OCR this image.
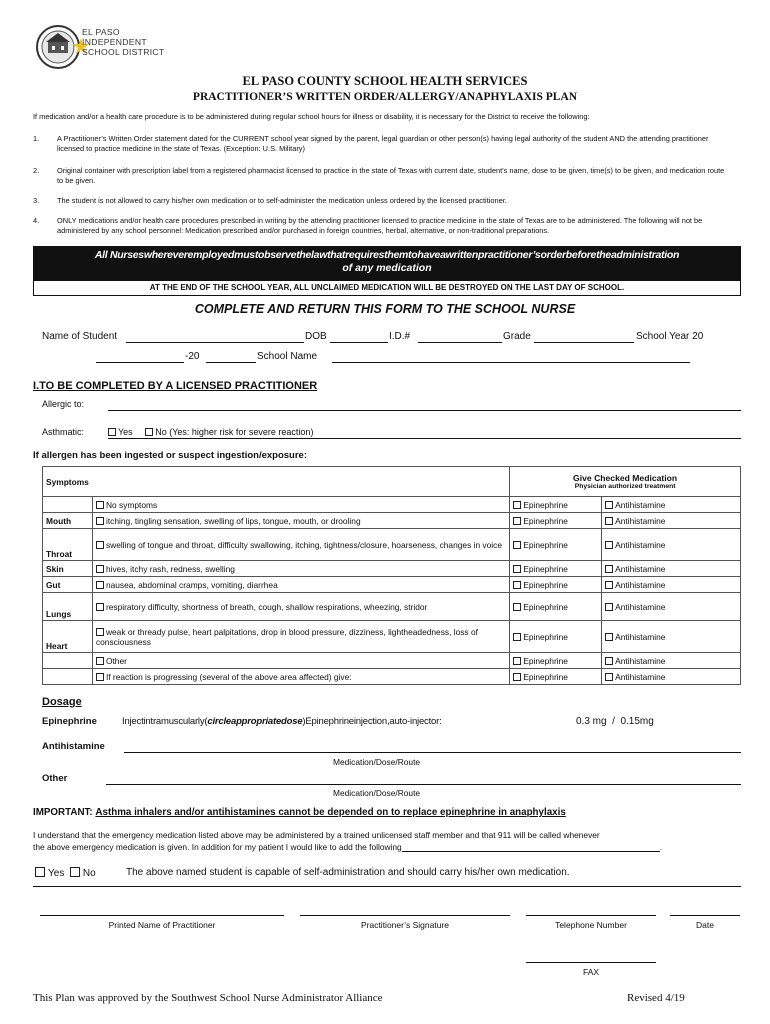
EL PASO
INDEPENDENT
SCHOOL DISTRICT
EL PASO COUNTY SCHOOL HEALTH SERVICES
PRACTITIONER’S WRITTEN ORDER/ALLERGY/ANAPHYLAXIS PLAN
If medication and/or a health care procedure is to be administered during regular school hours for illness or disability, it is necessary for the District to receive the following:
1. A Practitioner’s Written Order statement dated for the CURRENT school year signed by the parent, legal guardian or other person(s) having legal authority of the student AND the attending practitioner licensed to practice medicine in the state of Texas. (Exception: U.S. Military)
2. Original container with prescription label from a registered pharmacist licensed to practice in the state of Texas with current date, student’s name, dose to be given, time(s) to be given, and medication route to be given.
3. The student is not allowed to carry his/her own medication or to self-administer the medication unless ordered by the licensed practitioner.
4. ONLY medications and/or health care procedures prescribed in writing by the attending practitioner licensed to practice medicine in the state of Texas are to be administered. The following will not be administered by any school personnel: Medication prescribed and/or purchased in foreign countries, herbal, alternative, or non-traditional preparations.
All Nurseswhereveremployedmustobservethelawthatrequiresthemtohaveawrittenpractitioner’sorderbeforetheadministration
of any medication
AT THE END OF THE SCHOOL YEAR, ALL UNCLAIMED MEDICATION WILL BE DESTROYED ON THE LAST DAY OF SCHOOL.
COMPLETE AND RETURN THIS FORM TO THE SCHOOL NURSE
Name of Student	DOB	I.D.#	Grade	School Year 20
-20	School Name
I.TO BE COMPLETED BY A LICENSED PRACTITIONER
Allergic to:
Asthmatic:	Yes	No (Yes: higher risk for severe reaction)
If allergen has been ingested or suspect ingestion/exposure:
Symptoms		Give Checked Medication
Physician authorized treatment	

	No symptoms	Epinephrine	Antihistamine
Mouth	itching, tingling sensation, swelling of lips, tongue, mouth, or drooling	Epinephrine	Antihistamine
Throat	swelling of tongue and throat, difficulty swallowing, itching, tightness/closure, hoarseness, changes in voice	Epinephrine	Antihistamine
Skin	hives, itchy rash, redness, swelling	Epinephrine	Antihistamine
Gut	nausea, abdominal cramps, vomiting, diarrhea	Epinephrine	Antihistamine
Lungs	respiratory difficulty, shortness of breath, cough, shallow respirations, wheezing, stridor	Epinephrine	Antihistamine
Heart	weak or thready pulse, heart palpitations, drop in blood pressure, dizziness, lightheadedness, loss of consciousness	Epinephrine	Antihistamine
	Other	Epinephrine	Antihistamine
	If reaction is progressing (several of the above area affected) give:	Epinephrine	Antihistamine
Dosage
Epinephrine	Injectintramuscularly(circleappropriatedose)Epinephrineinjection,auto-injector:	0.3 mg  /  0.15mg
Antihistamine
Medication/Dose/Route
Other
Medication/Dose/Route
IMPORTANT: Asthma inhalers and/or antihistamines cannot be depended on to replace epinephrine in anaphylaxis
I understand that the emergency medication listed above may be administered by a trained unlicensed staff member and that 911 will be called whenever
the above emergency medication is given. In addition for my patient I would like to add the following	.
Yes No	The above named student is capable of self-administration and should carry his/her own medication.
Printed Name of Practitioner	Practitioner’s Signature	Telephone Number	Date
FAX
This Plan was approved by the Southwest School Nurse Administrator Alliance	Revised 4/19
